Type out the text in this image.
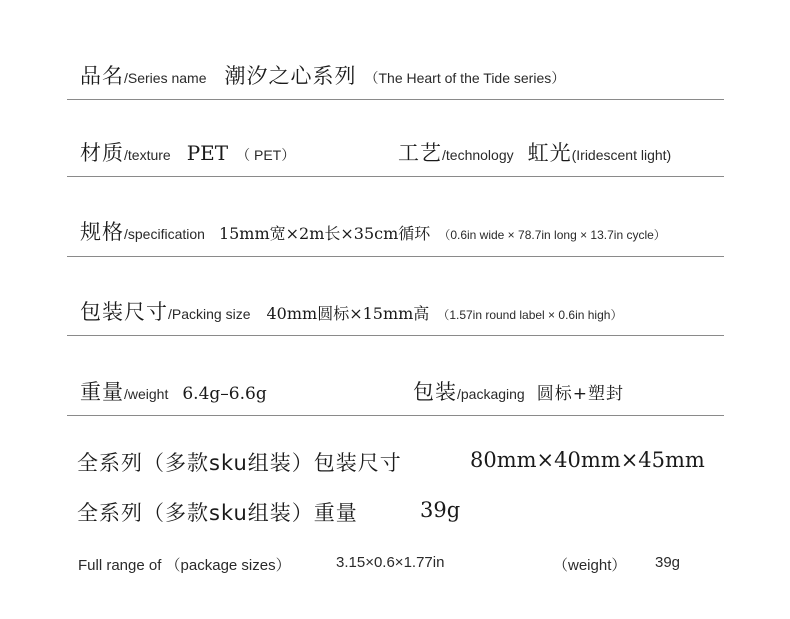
品名 /Series name 潮汐之心系列 （The Heart of the Tide series）
材质 /texture PET （ PET）	工艺 /technology 虹光 (Iridescent light)
规格 /specification 15mm宽×2m长×35cm循环 （0.6in wide × 78.7in long × 13.7in cycle）
包装尺寸 /Packing size 40mm圆标×15mm高 （1.57in round label × 0.6in high）
重量 /weight 6.4g–6.6g	包装 /packaging 圆标+塑封
全系列（多款sku组装）包装尺寸	80mm×40mm×45mm
全系列（多款sku组装）重量	39g
Full range of （package sizes）	3.15×0.6×1.77in	（weight） 39g
